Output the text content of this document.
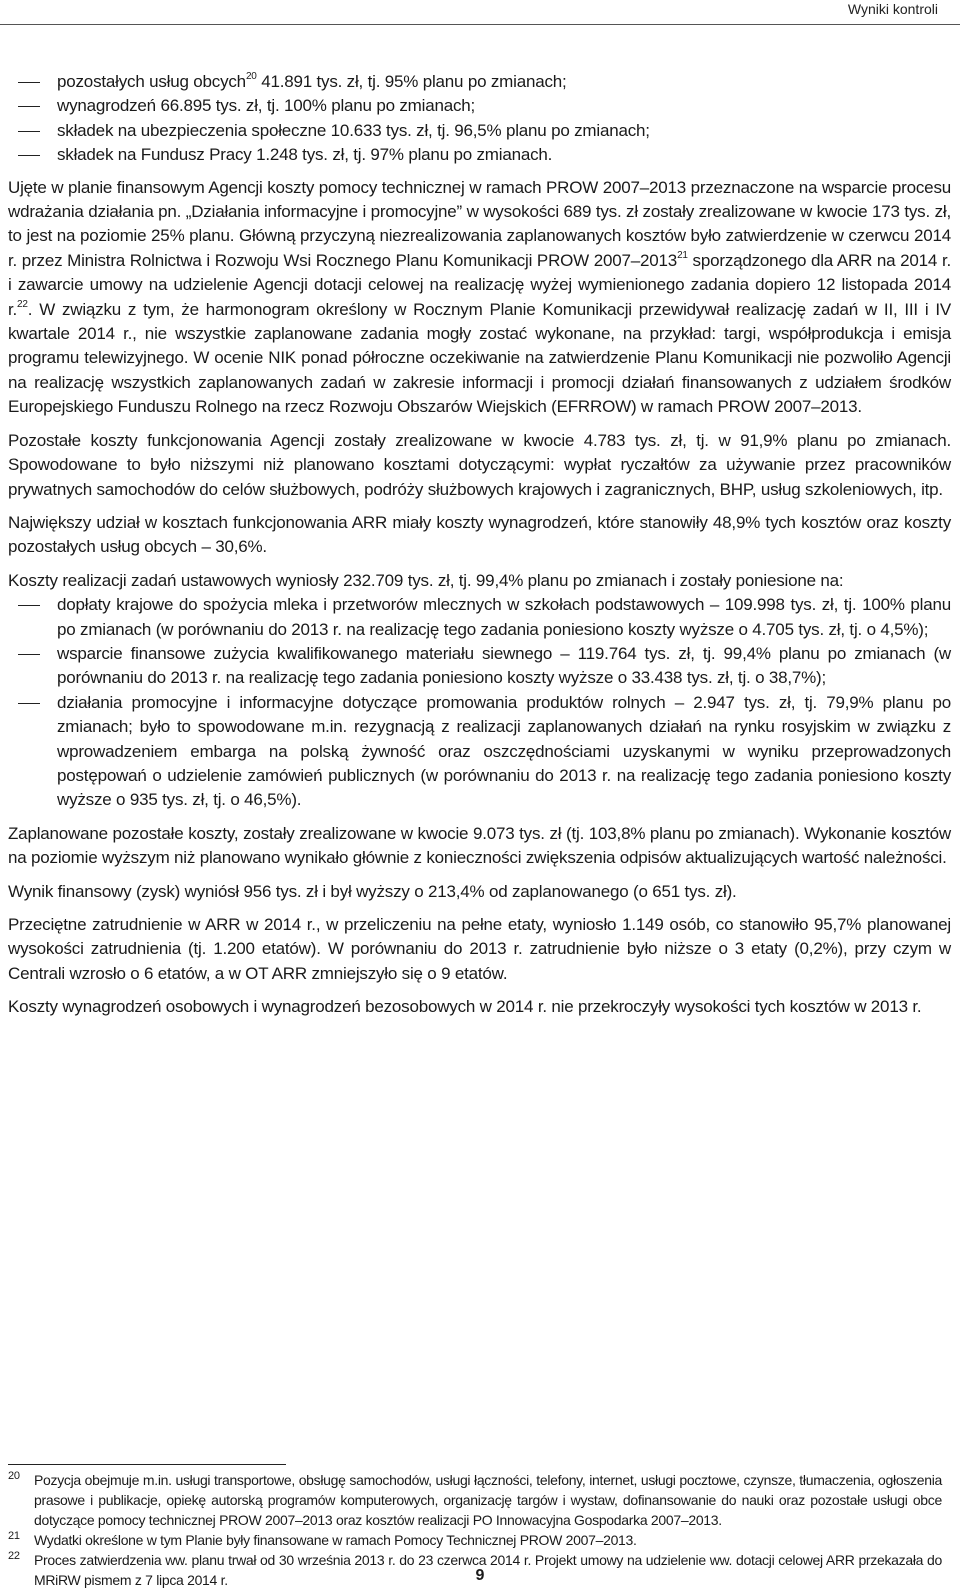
Wyniki kontroli
pozostałych usług obcych$^{20}$ 41.891 tys. zł, tj. 95% planu po zmianach;
wynagrodzeń 66.895 tys. zł, tj. 100% planu po zmianach;
składek na ubezpieczenia społeczne 10.633 tys. zł, tj. 96,5% planu po zmianach;
składek na Fundusz Pracy 1.248 tys. zł, tj. 97% planu po zmianach.

Ujęte w planie finansowym Agencji koszty pomocy technicznej w ramach PROW 2007–2013 przeznaczone na wsparcie procesu wdrażania działania pn. „Działania informacyjne i promocyjne” w wysokości 689 tys. zł zostały zrealizowane w kwocie 173 tys. zł, to jest na poziomie 25% planu. Główną przyczyną niezrealizowania zaplanowanych kosztów było zatwierdzenie w czerwcu 2014 r. przez Ministra Rolnictwa i Rozwoju Wsi Rocznego Planu Komunikacji PROW 2007–2013$^{21}$ sporządzonego dla ARR na 2014 r. i zawarcie umowy na udzielenie Agencji dotacji celowej na realizację wyżej wymienionego zadania dopiero 12 listopada 2014 r.$^{22}$. W związku z tym, że harmonogram określony w Rocznym Planie Komunikacji przewidywał realizację zadań w II, III i IV kwartale 2014 r., nie wszystkie zaplanowane zadania mogły zostać wykonane, na przykład: targi, współprodukcja i emisja programu telewizyjnego. W ocenie NIK ponad półroczne oczekiwanie na zatwierdzenie Planu Komunikacji nie pozwoliło Agencji na realizację wszystkich zaplanowanych zadań w zakresie informacji i promocji działań finansowanych z udziałem środków Europejskiego Funduszu Rolnego na rzecz Rozwoju Obszarów Wiejskich (EFRROW) w ramach PROW 2007–2013.

Pozostałe koszty funkcjonowania Agencji zostały zrealizowane w kwocie 4.783 tys. zł, tj. w 91,9% planu po zmianach. Spowodowane to było niższymi niż planowano kosztami dotyczącymi: wypłat ryczałtów za używanie przez pracowników prywatnych samochodów do celów służbowych, podróży służbowych krajowych i zagranicznych, BHP, usług szkoleniowych, itp.

Największy udział w kosztach funkcjonowania ARR miały koszty wynagrodzeń, które stanowiły 48,9% tych kosztów oraz koszty pozostałych usług obcych – 30,6%.

Koszty realizacji zadań ustawowych wyniosły 232.709 tys. zł, tj. 99,4% planu po zmianach i zostały poniesione na:

dopłaty krajowe do spożycia mleka i przetworów mlecznych w szkołach podstawowych – 109.998 tys. zł, tj. 100% planu po zmianach (w porównaniu do 2013 r. na realizację tego zadania poniesiono koszty wyższe o 4.705 tys. zł, tj. o 4,5%);
wsparcie finansowe zużycia kwalifikowanego materiału siewnego – 119.764 tys. zł, tj. 99,4% planu po zmianach (w porównaniu do 2013 r. na realizację tego zadania poniesiono koszty wyższe o 33.438 tys. zł, tj. o 38,7%);
działania promocyjne i informacyjne dotyczące promowania produktów rolnych – 2.947 tys. zł, tj. 79,9% planu po zmianach; było to spowodowane m.in. rezygnacją z realizacji zaplanowanych działań na rynku rosyjskim w związku z wprowadzeniem embarga na polską żywność oraz oszczędnościami uzyskanymi w wyniku przeprowadzonych postępowań o udzielenie zamówień publicznych (w porównaniu do 2013 r. na realizację tego zadania poniesiono koszty wyższe o 935 tys. zł, tj. o 46,5%).

Zaplanowane pozostałe koszty, zostały zrealizowane w kwocie 9.073 tys. zł (tj. 103,8% planu po zmianach). Wykonanie kosztów na poziomie wyższym niż planowano wynikało głównie z konieczności zwiększenia odpisów aktualizujących wartość należności.

Wynik finansowy (zysk) wyniósł 956 tys. zł i był wyższy o 213,4% od zaplanowanego (o 651 tys. zł).

Przeciętne zatrudnienie w ARR w 2014 r., w przeliczeniu na pełne etaty, wyniosło 1.149 osób, co stanowiło 95,7% planowanej wysokości zatrudnienia (tj. 1.200 etatów). W porównaniu do 2013 r. zatrudnienie było niższe o 3 etaty (0,2%), przy czym w Centrali wzrosło o 6 etatów, a w OT ARR zmniejszyło się o 9 etatów.

Koszty wynagrodzeń osobowych i wynagrodzeń bezosobowych w 2014 r. nie przekroczyły wysokości tych kosztów w 2013 r.

20 Pozycja obejmuje m.in. usługi transportowe, obsługę samochodów, usługi łączności, telefony, internet, usługi pocztowe, czynsze, tłumaczenia, ogłoszenia prasowe i publikacje, opiekę autorską programów komputerowych, organizację targów i wystaw, dofinansowanie do nauki oraz pozostałe usługi obce dotyczące pomocy technicznej PROW 2007–2013 oraz kosztów realizacji PO Innowacyjna Gospodarka 2007–2013.
21 Wydatki określone w tym Planie były finansowane w ramach Pomocy Technicznej PROW 2007–2013.
22 Proces zatwierdzenia ww. planu trwał od 30 września 2013 r. do 23 czerwca 2014 r. Projekt umowy na udzielenie ww. dotacji celowej ARR przekazała do MRiRW pismem z 7 lipca 2014 r.	9
